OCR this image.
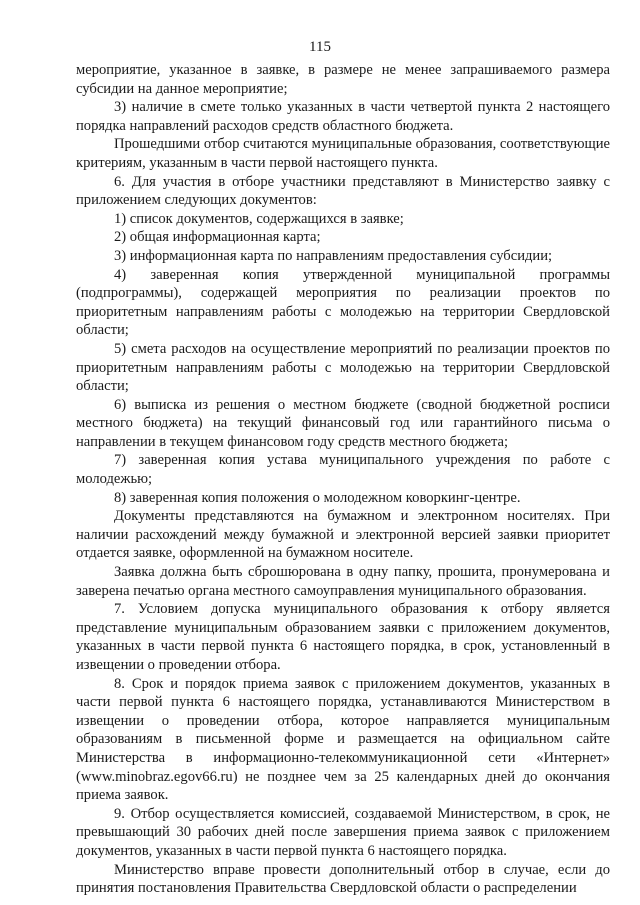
115

мероприятие, указанное в заявке, в размере не менее запрашиваемого размера субсидии на данное мероприятие;

3) наличие в смете только указанных в части четвертой пункта 2 настоящего порядка направлений расходов средств областного бюджета.

Прошедшими отбор считаются муниципальные образования, соответствующие критериям, указанным в части первой настоящего пункта.

6. Для участия в отборе участники представляют в Министерство заявку с приложением следующих документов:

1) список документов, содержащихся в заявке;

2) общая информационная карта;

3) информационная карта по направлениям предоставления субсидии;

4) заверенная копия утвержденной муниципальной программы (подпрограммы), содержащей мероприятия по реализации проектов по приоритетным направлениям работы с молодежью на территории Свердловской области;

5) смета расходов на осуществление мероприятий по реализации проектов по приоритетным направлениям работы с молодежью на территории Свердловской области;

6) выписка из решения о местном бюджете (сводной бюджетной росписи местного бюджета) на текущий финансовый год или гарантийного письма о направлении в текущем финансовом году средств местного бюджета;

7) заверенная копия устава муниципального учреждения по работе с молодежью;

8) заверенная копия положения о молодежном коворкинг-центре.

Документы представляются на бумажном и электронном носителях. При наличии расхождений между бумажной и электронной версией заявки приоритет отдается заявке, оформленной на бумажном носителе.

Заявка должна быть сброшюрована в одну папку, прошита, пронумерована и заверена печатью органа местного самоуправления муниципального образования.

7. Условием допуска муниципального образования к отбору является представление муниципальным образованием заявки с приложением документов, указанных в части первой пункта 6 настоящего порядка, в срок, установленный в извещении о проведении отбора.

8. Срок и порядок приема заявок с приложением документов, указанных в части первой пункта 6 настоящего порядка, устанавливаются Министерством в извещении о проведении отбора, которое направляется муниципальным образованиям в письменной форме и размещается на официальном сайте Министерства в информационно-телекоммуникационной сети «Интернет» (www.minobraz.egov66.ru) не позднее чем за 25 календарных дней до окончания приема заявок.

9. Отбор осуществляется комиссией, создаваемой Министерством, в срок, не превышающий 30 рабочих дней после завершения приема заявок с приложением документов, указанных в части первой пункта 6 настоящего порядка.

Министерство вправе провести дополнительный отбор в случае, если до принятия постановления Правительства Свердловской области о распределении
